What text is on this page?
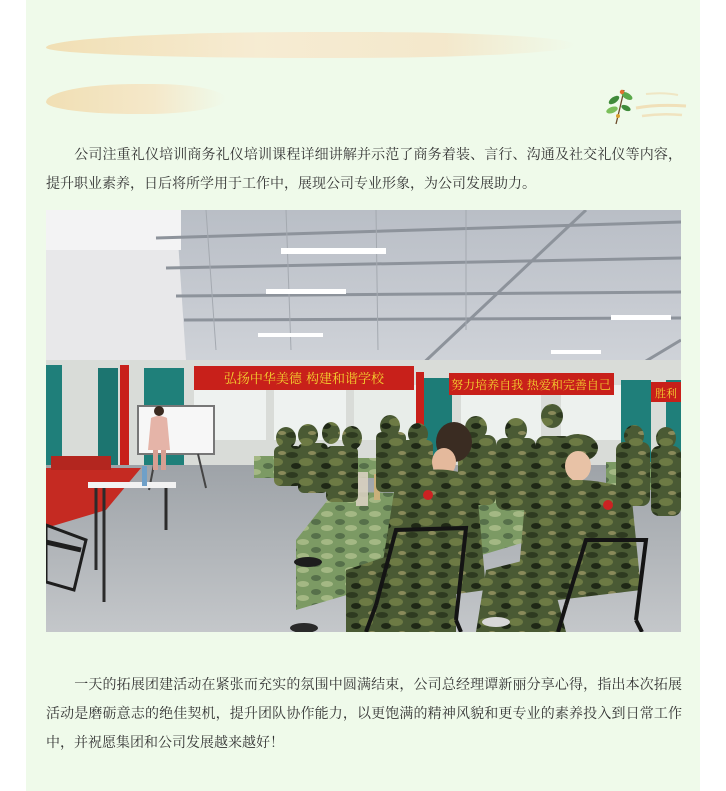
　　公司注重礼仪培训商务礼仪培训课程详细讲解并示范了商务着装、言行、沟通及社交礼仪等内容，提升职业素养，日后将所学用于工作中，展现公司专业形象，为公司发展助力。

弘扬中华美德 构建和谐学校	努力培养自我 热爱和完善自己
胜利

　　一天的拓展团建活动在紧张而充实的氛围中圆满结束，公司总经理谭新丽分享心得，指出本次拓展活动是磨砺意志的绝佳契机，提升团队协作能力，以更饱满的精神风貌和更专业的素养投入到日常工作中，并祝愿集团和公司发展越来越好！
